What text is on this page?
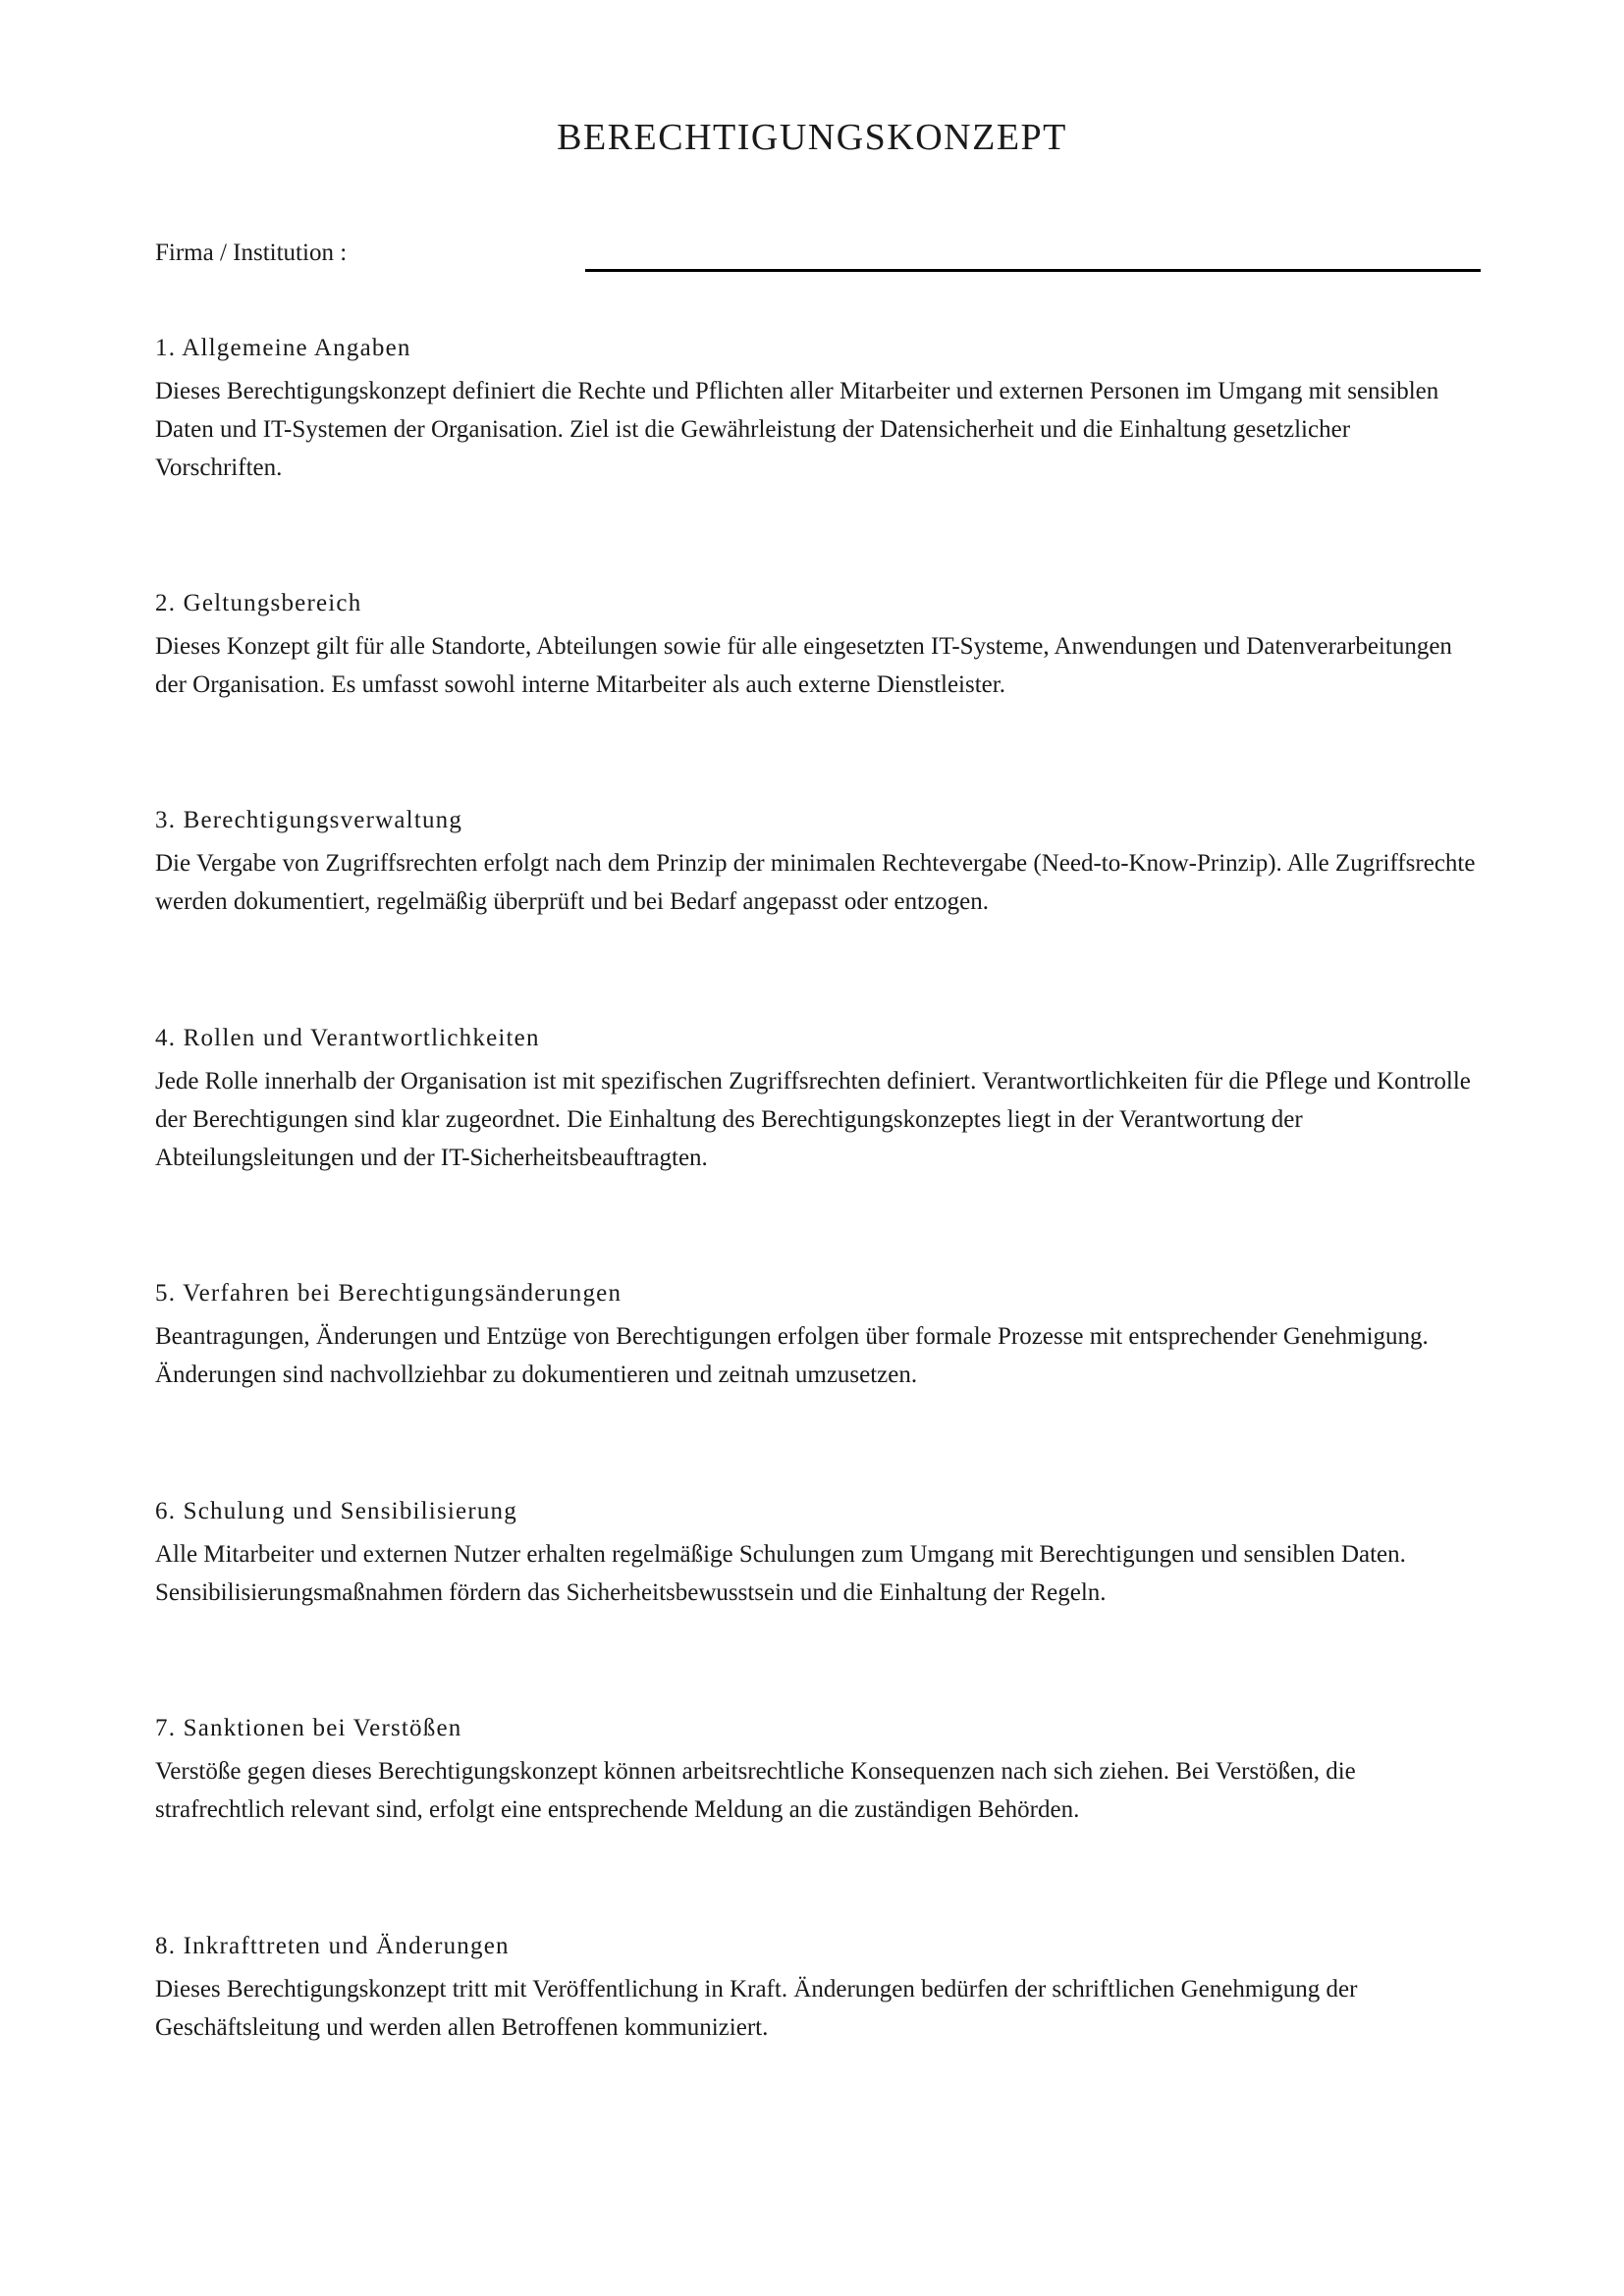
BERECHTIGUNGSKONZEPT
Firma / Institution :
1. Allgemeine Angaben

Dieses Berechtigungskonzept definiert die Rechte und Pflichten aller Mitarbeiter und externen Personen im Umgang mit sensiblen Daten und IT-Systemen der Organisation. Ziel ist die Gewährleistung der Datensicherheit und die Einhaltung gesetzlicher Vorschriften.

2. Geltungsbereich

Dieses Konzept gilt für alle Standorte, Abteilungen sowie für alle eingesetzten IT-Systeme, Anwendungen und Datenverarbeitungen der Organisation. Es umfasst sowohl interne Mitarbeiter als auch externe Dienstleister.

3. Berechtigungsverwaltung

Die Vergabe von Zugriffsrechten erfolgt nach dem Prinzip der minimalen Rechtevergabe (Need-to-Know-Prinzip). Alle Zugriffsrechte werden dokumentiert, regelmäßig überprüft und bei Bedarf angepasst oder entzogen.

4. Rollen und Verantwortlichkeiten

Jede Rolle innerhalb der Organisation ist mit spezifischen Zugriffsrechten definiert. Verantwortlichkeiten für die Pflege und Kontrolle der Berechtigungen sind klar zugeordnet. Die Einhaltung des Berechtigungskonzeptes liegt in der Verantwortung der Abteilungsleitungen und der IT-Sicherheitsbeauftragten.

5. Verfahren bei Berechtigungsänderungen

Beantragungen, Änderungen und Entzüge von Berechtigungen erfolgen über formale Prozesse mit entsprechender Genehmigung. Änderungen sind nachvollziehbar zu dokumentieren und zeitnah umzusetzen.

6. Schulung und Sensibilisierung

Alle Mitarbeiter und externen Nutzer erhalten regelmäßige Schulungen zum Umgang mit Berechtigungen und sensiblen Daten. Sensibilisierungsmaßnahmen fördern das Sicherheitsbewusstsein und die Einhaltung der Regeln.

7. Sanktionen bei Verstößen

Verstöße gegen dieses Berechtigungskonzept können arbeitsrechtliche Konsequenzen nach sich ziehen. Bei Verstößen, die strafrechtlich relevant sind, erfolgt eine entsprechende Meldung an die zuständigen Behörden.

8. Inkrafttreten und Änderungen

Dieses Berechtigungskonzept tritt mit Veröffentlichung in Kraft. Änderungen bedürfen der schriftlichen Genehmigung der Geschäftsleitung und werden allen Betroffenen kommuniziert.
